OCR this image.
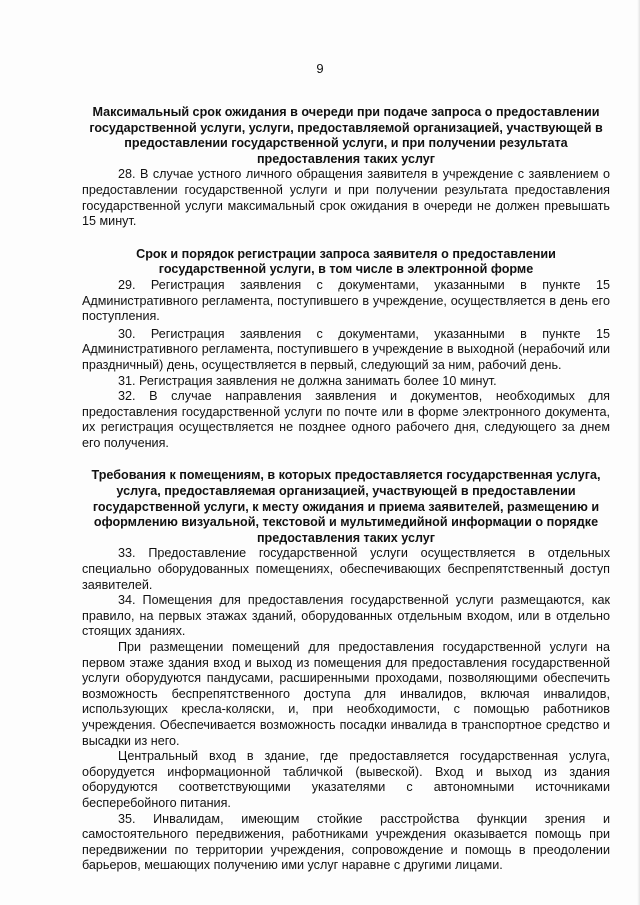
9
Максимальный срок ожидания в очереди при подаче запроса о предоставлении государственной услуги, услуги, предоставляемой организацией, участвующей в предоставлении государственной услуги, и при получении результата предоставления таких услуг
28. В случае устного личного обращения заявителя в учреждение с заявлением о предоставлении государственной услуги и при получении результата предоставления государственной услуги максимальный срок ожидания в очереди не должен превышать 15 минут.
Срок и порядок регистрации запроса заявителя о предоставлении государственной услуги, в том числе в электронной форме
29. Регистрация заявления с документами, указанными в пункте 15 Административного регламента, поступившего в учреждение, осуществляется в день его поступления.
30. Регистрация заявления с документами, указанными в пункте 15 Административного регламента, поступившего в учреждение в выходной (нерабочий или праздничный) день, осуществляется в первый, следующий за ним, рабочий день.
31. Регистрация заявления не должна занимать более 10 минут.
32. В случае направления заявления и документов, необходимых для предоставления государственной услуги по почте или в форме электронного документа, их регистрация осуществляется не позднее одного рабочего дня, следующего за днем его получения.
Требования к помещениям, в которых предоставляется государственная услуга, услуга, предоставляемая организацией, участвующей в предоставлении государственной услуги, к месту ожидания и приема заявителей, размещению и оформлению визуальной, текстовой и мультимедийной информации о порядке предоставления таких услуг
33. Предоставление государственной услуги осуществляется в отдельных специально оборудованных помещениях, обеспечивающих беспрепятственный доступ заявителей.
34. Помещения для предоставления государственной услуги размещаются, как правило, на первых этажах зданий, оборудованных отдельным входом, или в отдельно стоящих зданиях.
При размещении помещений для предоставления государственной услуги на первом этаже здания вход и выход из помещения для предоставления государственной услуги оборудуются пандусами, расширенными проходами, позволяющими обеспечить возможность беспрепятственного доступа для инвалидов, включая инвалидов, использующих кресла-коляски, и, при необходимости, с помощью работников учреждения. Обеспечивается возможность посадки инвалида в транспортное средство и высадки из него.
Центральный вход в здание, где предоставляется государственная услуга, оборудуется информационной табличкой (вывеской). Вход и выход из здания оборудуются соответствующими указателями с автономными источниками бесперебойного питания.
35. Инвалидам, имеющим стойкие расстройства функции зрения и самостоятельного передвижения, работниками учреждения оказывается помощь при передвижении по территории учреждения, сопровождение и помощь в преодолении барьеров, мешающих получению ими услуг наравне с другими лицами.
